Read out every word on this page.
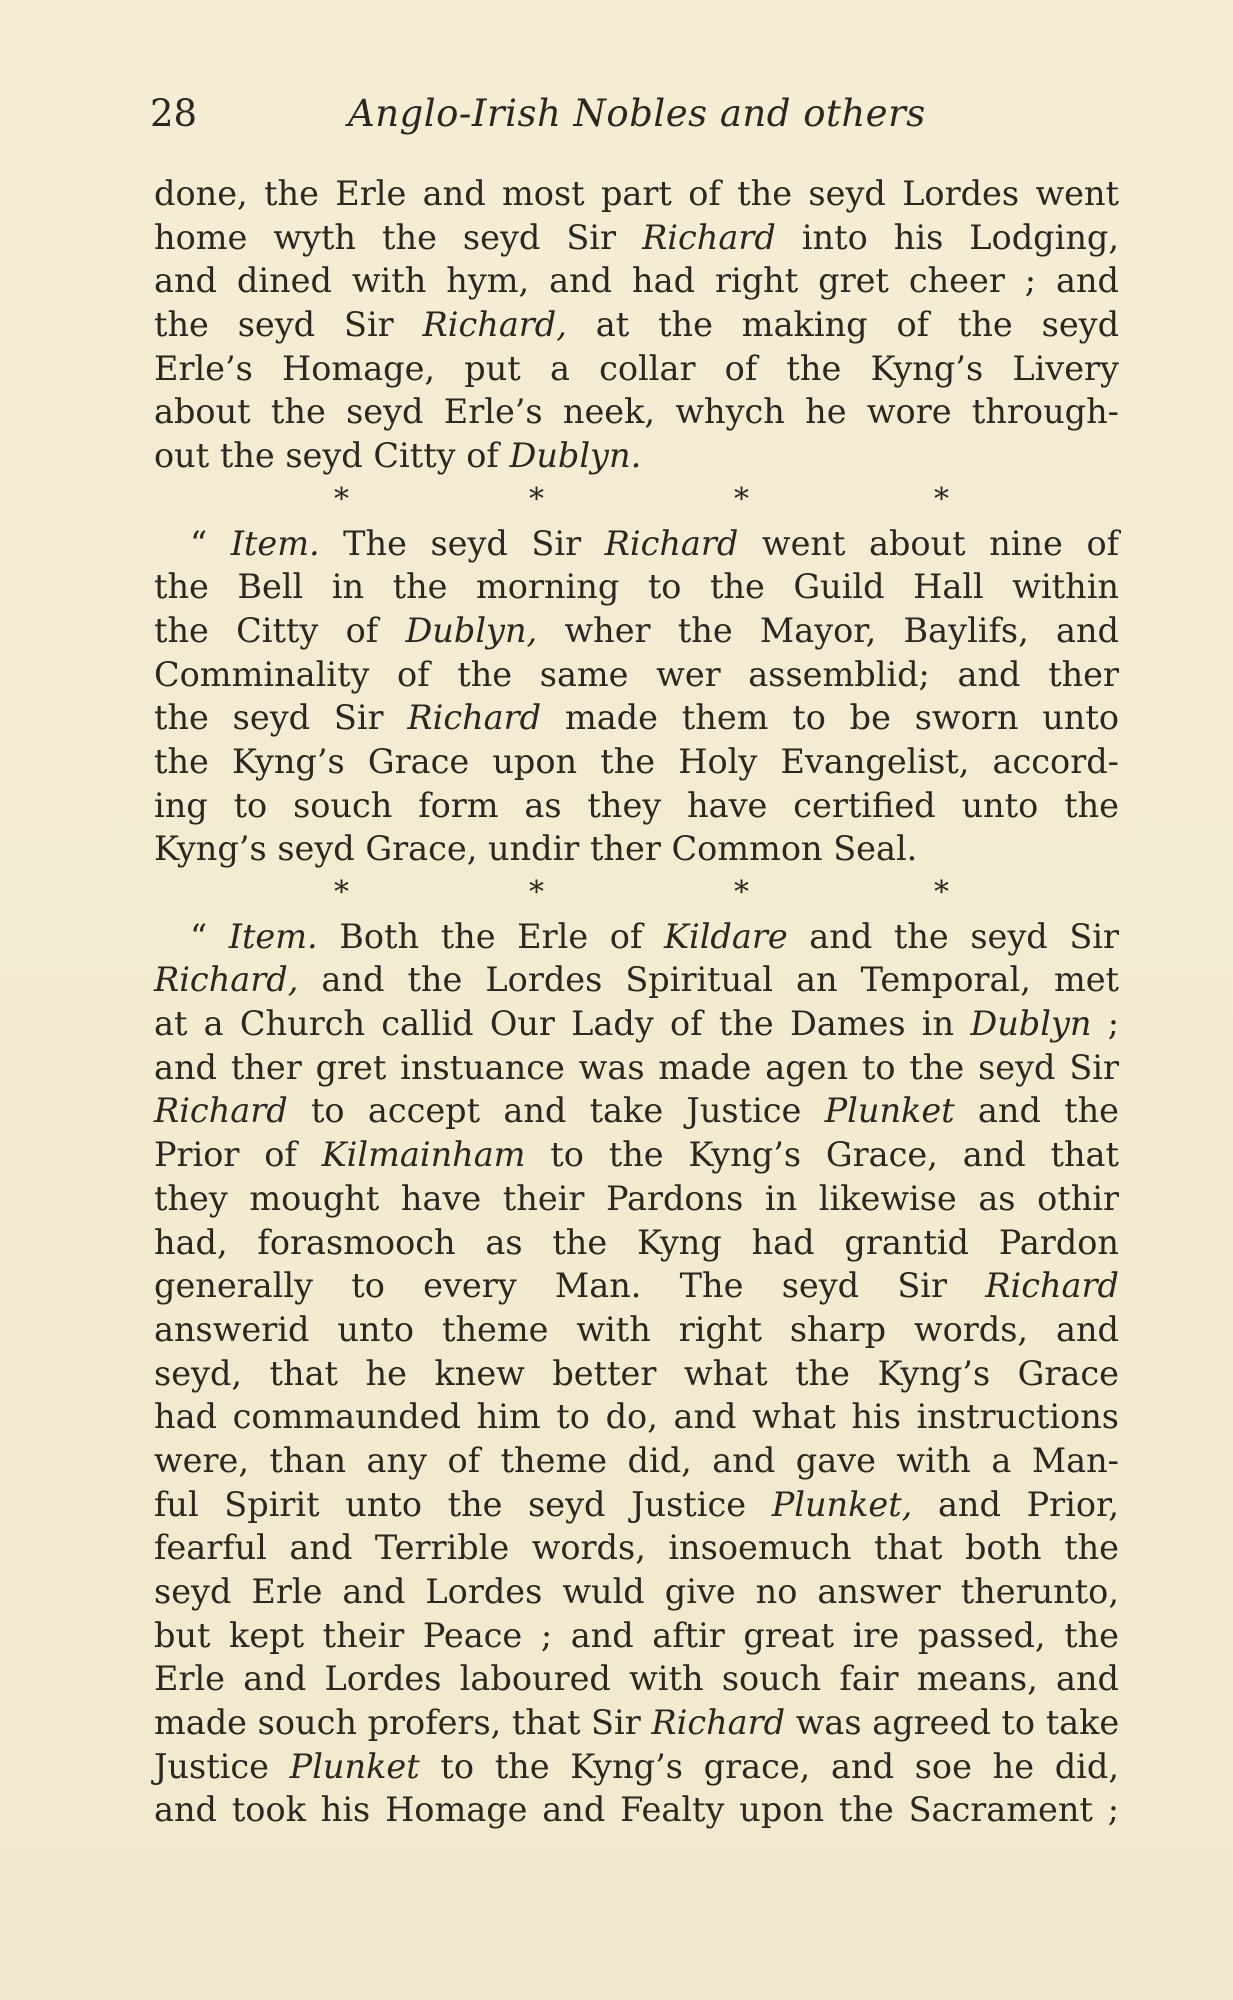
28	Anglo-Irish Nobles and others
done, the Erle and most part of the seyd Lordes went
home wyth the seyd Sir Richard into his Lodging,
and dined with hym, and had right gret cheer ; and
the seyd Sir Richard, at the making of the seyd
Erle’s Homage, put a collar of the Kyng’s Livery
about the seyd Erle’s neek, whych he wore through-
out the seyd Citty of Dublyn.
*	*	*	*
“ Item. The seyd Sir Richard went about nine of
the Bell in the morning to the Guild Hall within
the Citty of Dublyn, wher the Mayor, Baylifs, and
Comminality of the same wer assemblid; and ther
the seyd Sir Richard made them to be sworn unto
the Kyng’s Grace upon the Holy Evangelist, accord-
ing to souch form as they have certified unto the
Kyng’s seyd Grace, undir ther Common Seal.
*	*	*	*
“ Item. Both the Erle of Kildare and the seyd Sir
Richard, and the Lordes Spiritual an Temporal, met
at a Church callid Our Lady of the Dames in Dublyn ;
and ther gret instuance was made agen to the seyd Sir
Richard to accept and take Justice Plunket and the
Prior of Kilmainham to the Kyng’s Grace, and that
they mought have their Pardons in likewise as othir
had, forasmooch as the Kyng had grantid Pardon
generally to every Man. The seyd Sir Richard
answerid unto theme with right sharp words, and
seyd, that he knew better what the Kyng’s Grace
had commaunded him to do, and what his instructions
were, than any of theme did, and gave with a Man-
ful Spirit unto the seyd Justice Plunket, and Prior,
fearful and Terrible words, insoemuch that both the
seyd Erle and Lordes wuld give no answer therunto,
but kept their Peace ; and aftir great ire passed, the
Erle and Lordes laboured with souch fair means, and
made souch profers, that Sir Richard was agreed to take
Justice Plunket to the Kyng’s grace, and soe he did,
and took his Homage and Fealty upon the Sacrament ;
